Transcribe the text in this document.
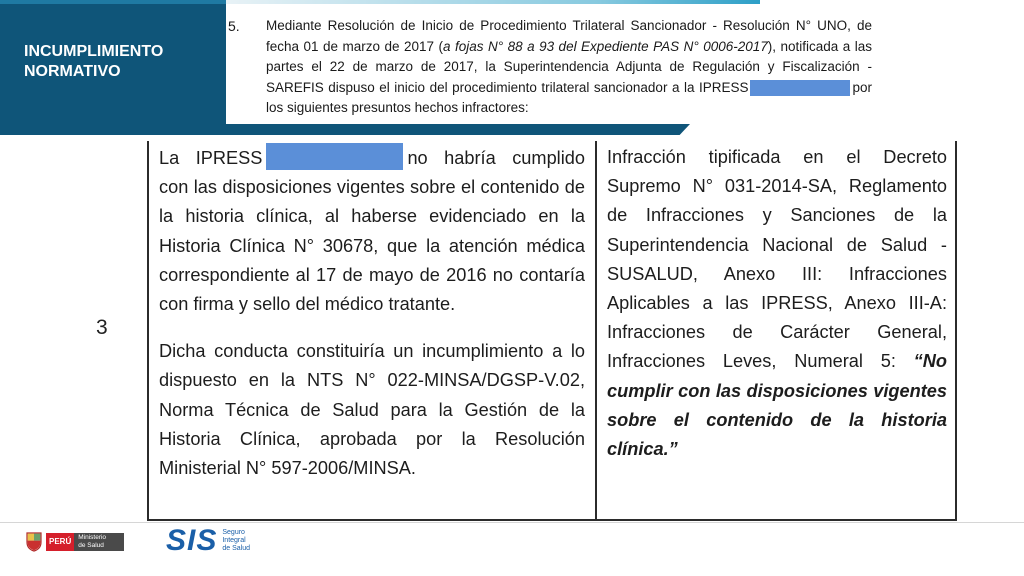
INCUMPLIMIENTO
NORMATIVO
5. Mediante Resolución de Inicio de Procedimiento Trilateral Sancionador - Resolución N° UNO, de fecha 01 de marzo de 2017 (a fojas N° 88 a 93 del Expediente PAS N° 0006-2017), notificada a las partes el 22 de marzo de 2017, la Superintendencia Adjunta de Regulación y Fiscalización - SAREFIS dispuso el inicio del procedimiento trilateral sancionador a la IPRESS	por los siguientes presuntos hechos infractores:
3

La IPRESS	no habría cumplido con las disposiciones vigentes sobre el contenido de la historia clínica, al haberse evidenciado en la Historia Clínica N° 30678, que la atención médica correspondiente al 17 de mayo de 2016 no contaría con firma y sello del médico tratante.

Dicha conducta constituiría un incumplimiento a lo dispuesto en la NTS N° 022-MINSA/DGSP-V.02, Norma Técnica de Salud para la Gestión de la Historia Clínica, aprobada por la Resolución Ministerial N° 597-2006/MINSA.

Infracción tipificada en el Decreto Supremo N° 031-2014-SA, Reglamento de Infracciones y Sanciones de la Superintendencia Nacional de Salud - SUSALUD, Anexo III: Infracciones Aplicables a las IPRESS, Anexo III-A: Infracciones de Carácter General, Infracciones Leves, Numeral 5: “No cumplir con las disposiciones vigentes sobre el contenido de la historia clínica.”

PERÚ	Ministerio
de Salud	SIS Seguro
Integral
de Salud
